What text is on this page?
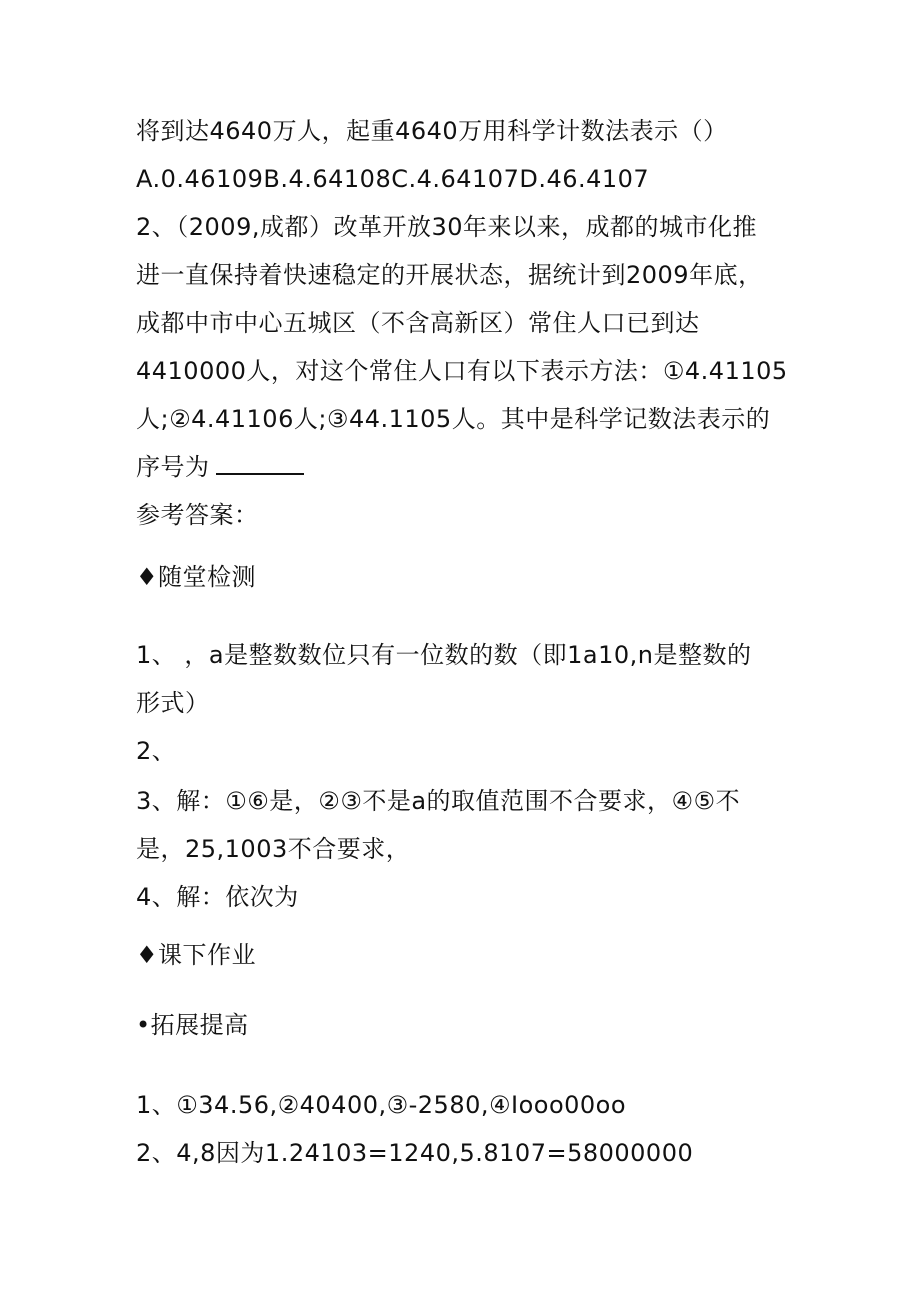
将到达4640万人，起重4640万用科学计数法表示（）
A.0.46109B.4.64108C.4.64107D.46.4107
2、（2009,成都）改革开放30年来以来，成都的城市化推
进一直保持着快速稳定的开展状态，据统计到2009年底，
成都中市中心五城区（不含高新区）常住人口已到达
4410000人，对这个常住人口有以下表示方法：①4.41105
人;②4.41106人;③44.1105人。其中是科学记数法表示的
序号为
参考答案：
♦随堂检测
1、 ，a是整数数位只有一位数的数（即1a10,n是整数的
形式）
2、
3、解：①⑥是，②③不是a的取值范围不合要求，④⑤不
是，25,1003不合要求，
4、解：依次为
♦课下作业
•拓展提高
1、①34.56,②40400,③-2580,④Iooo00oo
2、4,8因为1.24103=1240,5.8107=58000000
